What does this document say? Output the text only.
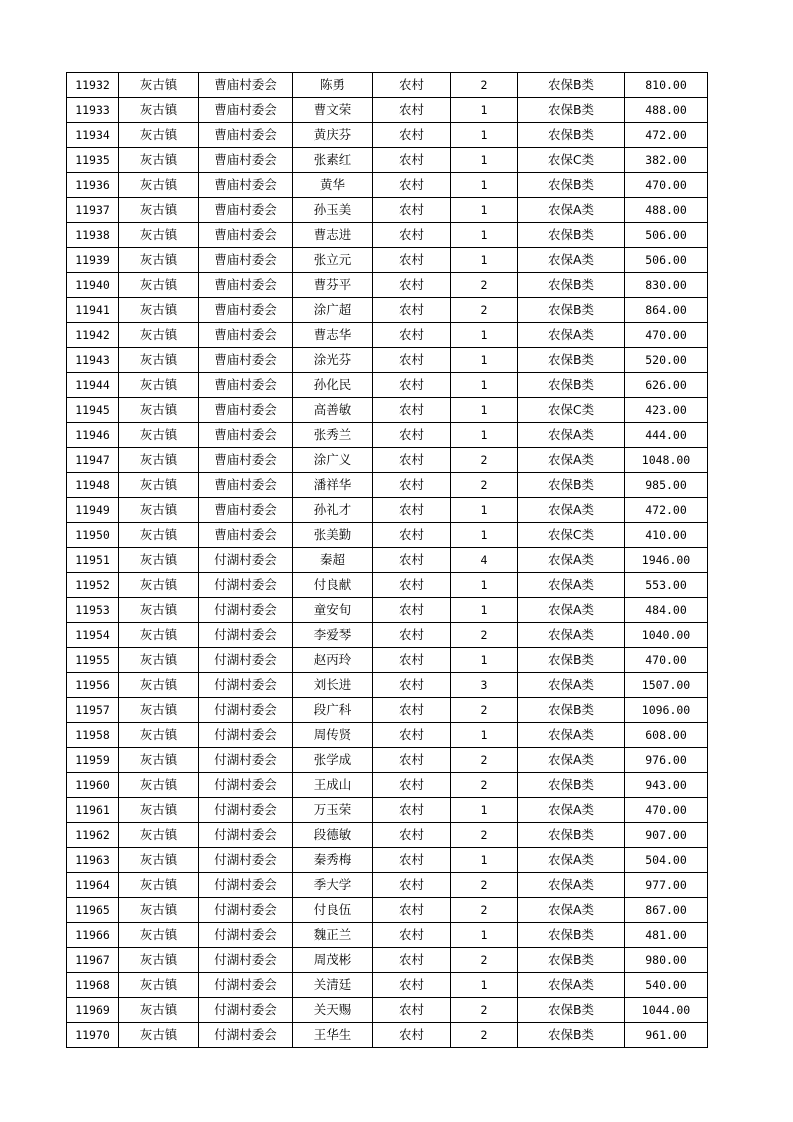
11932	灰古镇	曹庙村委会	陈勇	农村	2	农保B类	810.00
11933	灰古镇	曹庙村委会	曹文荣	农村	1	农保B类	488.00
11934	灰古镇	曹庙村委会	黄庆芬	农村	1	农保B类	472.00
11935	灰古镇	曹庙村委会	张素红	农村	1	农保C类	382.00
11936	灰古镇	曹庙村委会	黄华	农村	1	农保B类	470.00
11937	灰古镇	曹庙村委会	孙玉美	农村	1	农保A类	488.00
11938	灰古镇	曹庙村委会	曹志进	农村	1	农保B类	506.00
11939	灰古镇	曹庙村委会	张立元	农村	1	农保A类	506.00
11940	灰古镇	曹庙村委会	曹芬平	农村	2	农保B类	830.00
11941	灰古镇	曹庙村委会	涂广超	农村	2	农保B类	864.00
11942	灰古镇	曹庙村委会	曹志华	农村	1	农保A类	470.00
11943	灰古镇	曹庙村委会	涂光芬	农村	1	农保B类	520.00
11944	灰古镇	曹庙村委会	孙化民	农村	1	农保B类	626.00
11945	灰古镇	曹庙村委会	高善敏	农村	1	农保C类	423.00
11946	灰古镇	曹庙村委会	张秀兰	农村	1	农保A类	444.00
11947	灰古镇	曹庙村委会	涂广义	农村	2	农保A类	1048.00
11948	灰古镇	曹庙村委会	潘祥华	农村	2	农保B类	985.00
11949	灰古镇	曹庙村委会	孙礼才	农村	1	农保A类	472.00
11950	灰古镇	曹庙村委会	张美勤	农村	1	农保C类	410.00
11951	灰古镇	付湖村委会	秦超	农村	4	农保A类	1946.00
11952	灰古镇	付湖村委会	付良献	农村	1	农保A类	553.00
11953	灰古镇	付湖村委会	童安旬	农村	1	农保A类	484.00
11954	灰古镇	付湖村委会	李爱琴	农村	2	农保A类	1040.00
11955	灰古镇	付湖村委会	赵丙玲	农村	1	农保B类	470.00
11956	灰古镇	付湖村委会	刘长进	农村	3	农保A类	1507.00
11957	灰古镇	付湖村委会	段广科	农村	2	农保B类	1096.00
11958	灰古镇	付湖村委会	周传贤	农村	1	农保A类	608.00
11959	灰古镇	付湖村委会	张学成	农村	2	农保A类	976.00
11960	灰古镇	付湖村委会	王成山	农村	2	农保B类	943.00
11961	灰古镇	付湖村委会	万玉荣	农村	1	农保A类	470.00
11962	灰古镇	付湖村委会	段德敏	农村	2	农保B类	907.00
11963	灰古镇	付湖村委会	秦秀梅	农村	1	农保A类	504.00
11964	灰古镇	付湖村委会	季大学	农村	2	农保A类	977.00
11965	灰古镇	付湖村委会	付良伍	农村	2	农保A类	867.00
11966	灰古镇	付湖村委会	魏正兰	农村	1	农保B类	481.00
11967	灰古镇	付湖村委会	周茂彬	农村	2	农保B类	980.00
11968	灰古镇	付湖村委会	关清廷	农村	1	农保A类	540.00
11969	灰古镇	付湖村委会	关天赐	农村	2	农保B类	1044.00
11970	灰古镇	付湖村委会	王华生	农村	2	农保B类	961.00
